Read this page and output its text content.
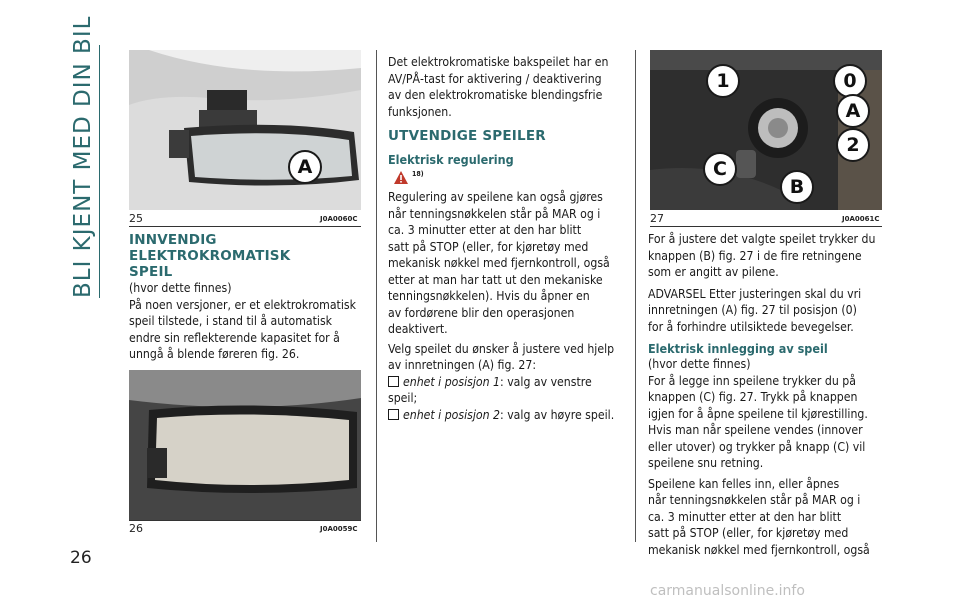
BLI KJENT MED DIN BIL
26
A
25	J0A0060C
INNVENDIG
ELEKTROKROMATISK
SPEIL
(hvor dette finnes)
På noen versjoner, er et elektrokromatisk
speil tilstede, i stand til å automatisk
endre sin reflekterende kapasitet for å
unngå å blende føreren fig. 26.
26	J0A0059C
Det elektrokromatiske bakspeilet har en
AV/PÅ-tast for aktivering / deaktivering
av den elektrokromatiske blendingsfrie
funksjonen.
UTVENDIGE SPEILER
Elektrisk regulering
18)
Regulering av speilene kan også gjøres
når tenningsnøkkelen står på MAR og i
ca. 3 minutter etter at den har blitt
satt på STOP (eller, for kjøretøy med
mekanisk nøkkel med fjernkontroll, også
etter at man har tatt ut den mekaniske
tenningsnøkkelen). Hvis du åpner en
av fordørene blir den operasjonen
deaktivert.
Velg speilet du ønsker å justere ved hjelp
av innretningen (A) fig. 27:
enhet i posisjon 1: valg av venstre
speil;
enhet i posisjon 2: valg av høyre speil.
1	0
A
2
C
B
27	J0A0061C
For å justere det valgte speilet trykker du
knappen (B) fig. 27 i de fire retningene
som er angitt av pilene.
ADVARSEL Etter justeringen skal du vri
innretningen (A) fig. 27 til posisjon (0)
for å forhindre utilsiktede bevegelser.
Elektrisk innlegging av speil
(hvor dette finnes)
For å legge inn speilene trykker du på
knappen (C) fig. 27. Trykk på knappen
igjen for å åpne speilene til kjørestilling.
Hvis man når speilene vendes (innover
eller utover) og trykker på knapp (C) vil
speilene snu retning.
Speilene kan felles inn, eller åpnes
når tenningsnøkkelen står på MAR og i
ca. 3 minutter etter at den har blitt
satt på STOP (eller, for kjøretøy med
mekanisk nøkkel med fjernkontroll, også
carmanualsonline.info
